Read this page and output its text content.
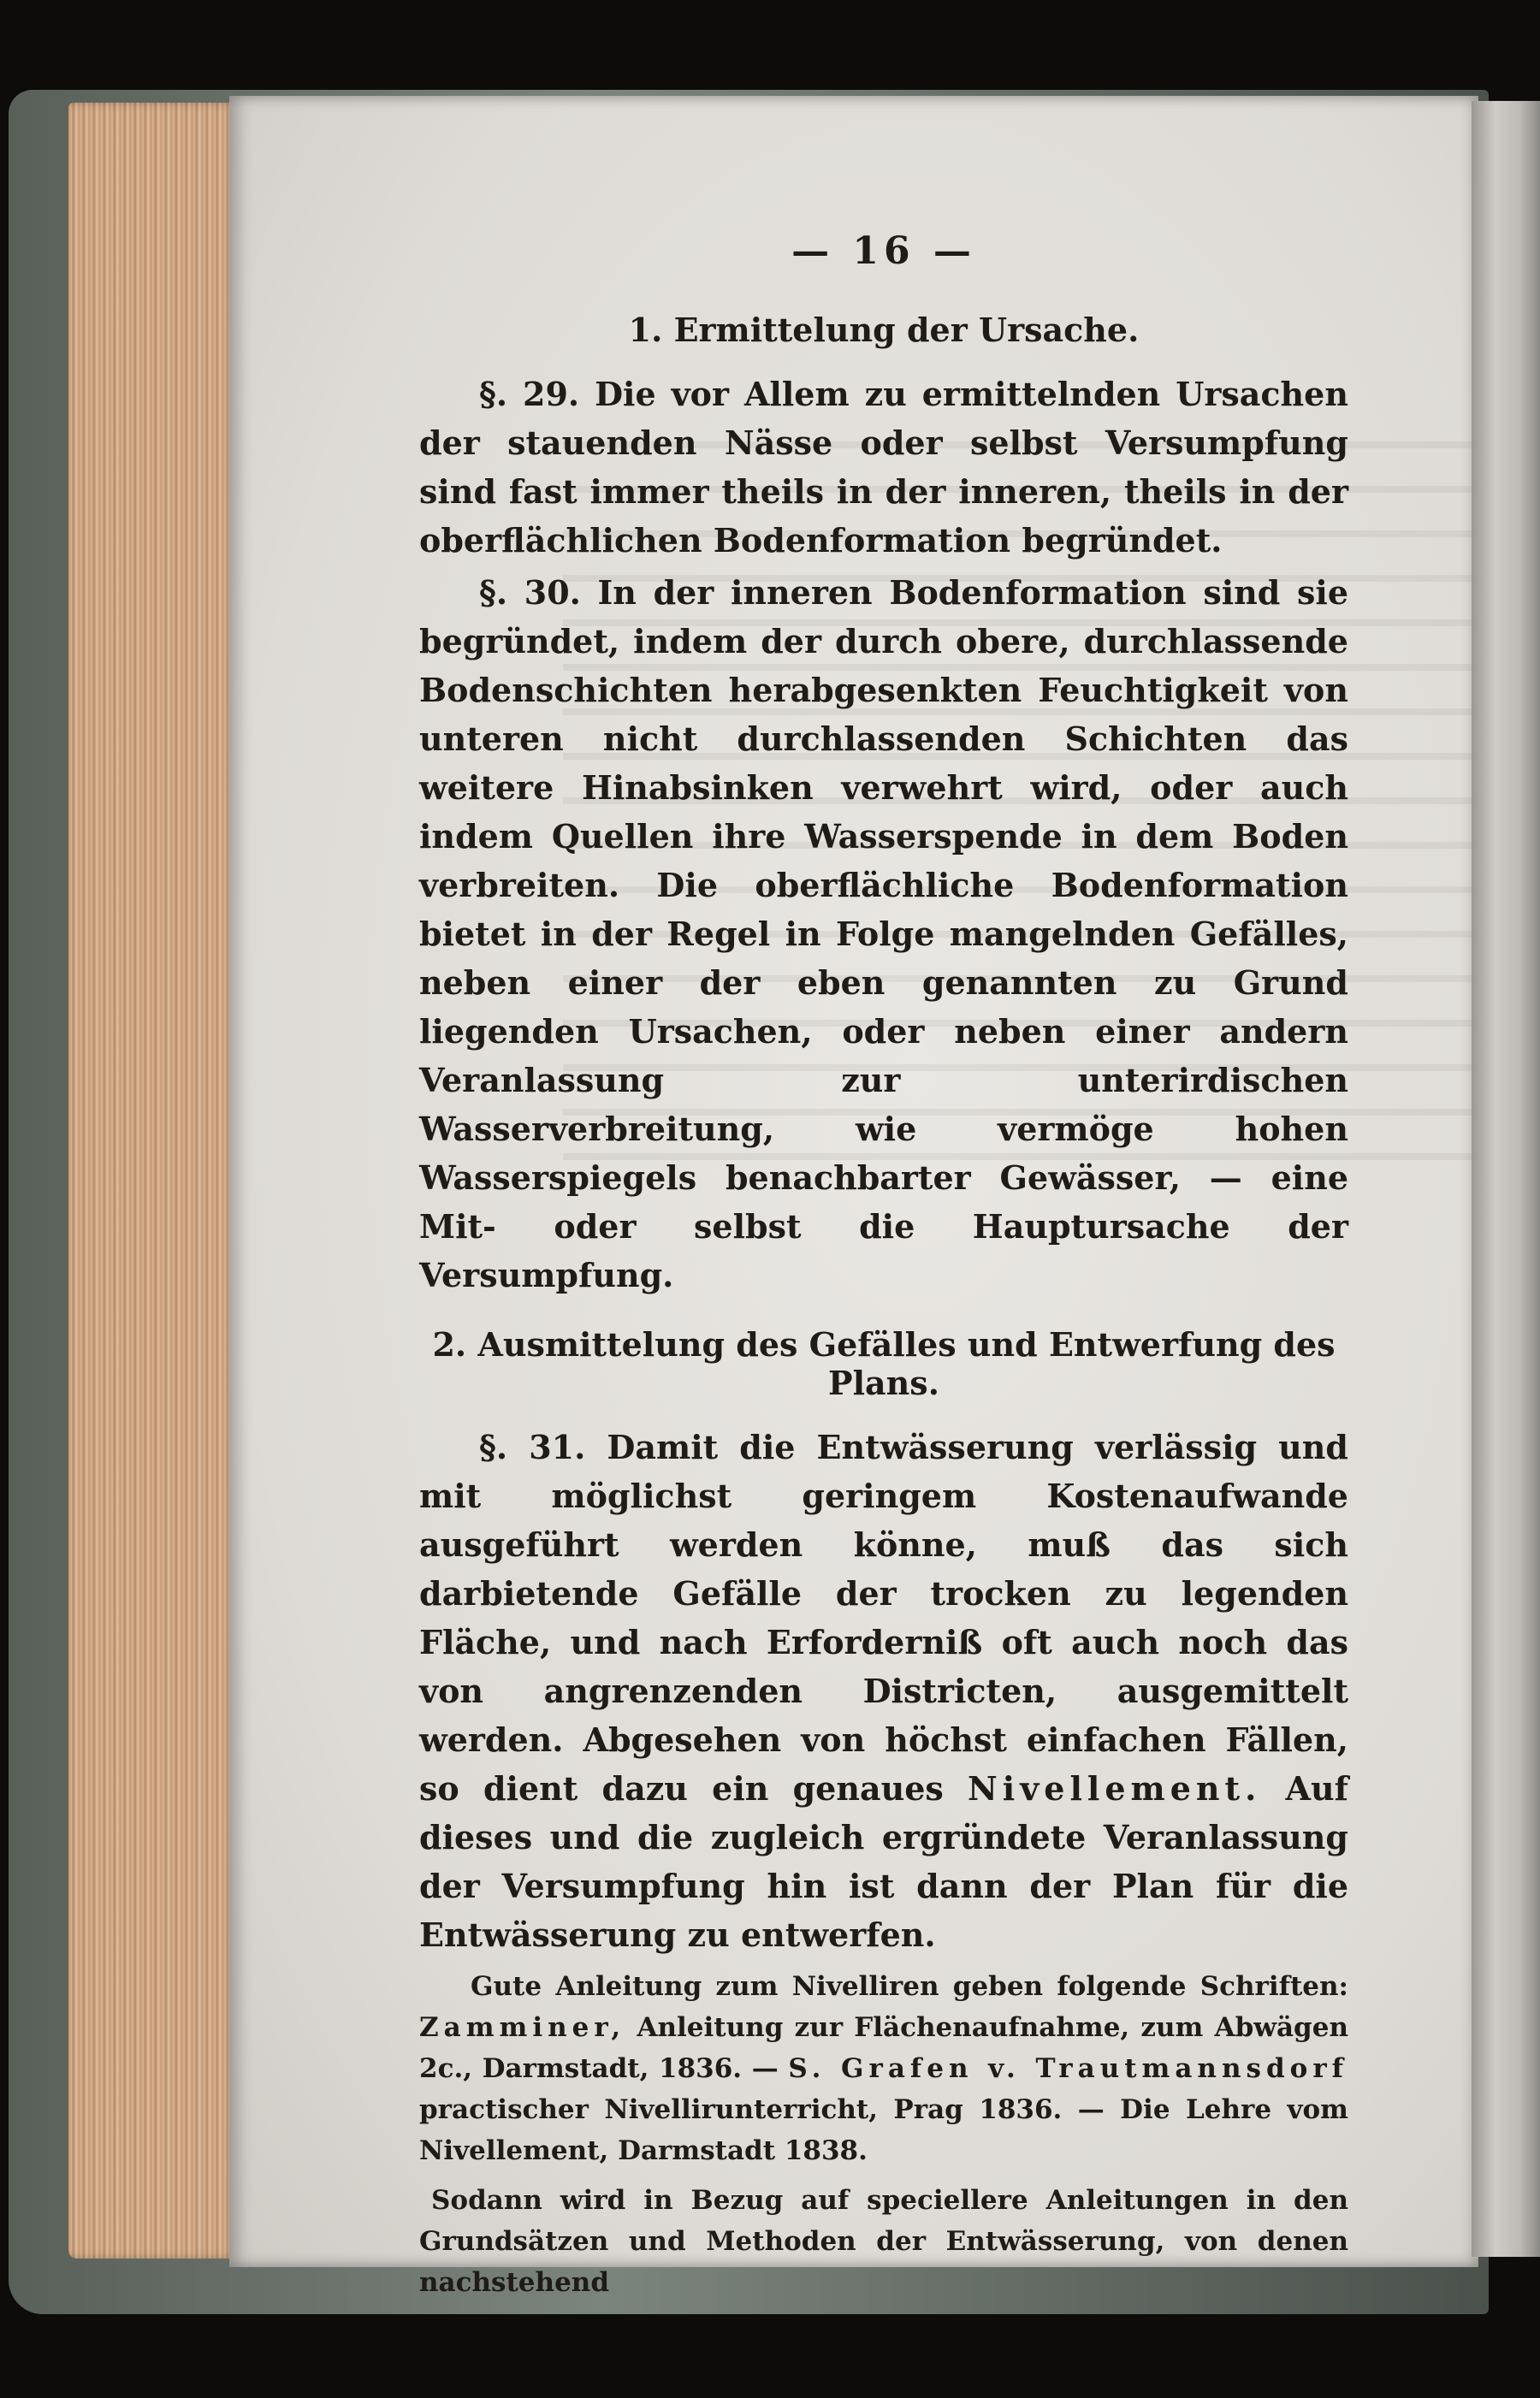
— 16 —
1. Ermittelung der Ursache.

§. 29. Die vor Allem zu ermittelnden Ursachen der stauenden Nässe oder selbst Versumpfung sind fast immer theils in der inneren, theils in der oberflächlichen Bodenformation begründet.

§. 30. In der inneren Bodenformation sind sie begründet, indem der durch obere, durchlassende Bodenschichten herabgesenkten Feuchtigkeit von unteren nicht durchlassenden Schichten das weitere Hinabsinken verwehrt wird, oder auch indem Quellen ihre Wasserspende in dem Boden verbreiten. Die oberflächliche Bodenformation bietet in der Regel in Folge mangelnden Gefälles, neben einer der eben genannten zu Grund liegenden Ursachen, oder neben einer andern Veranlassung zur unterirdischen Wasserverbreitung, wie vermöge hohen Wasserspiegels benachbarter Gewässer, — eine Mit- oder selbst die Hauptursache der Versumpfung.

2. Ausmittelung des Gefälles und Entwerfung des Plans.

§. 31. Damit die Entwässerung verlässig und mit möglichst geringem Kostenaufwande ausgeführt werden könne, muß das sich darbietende Gefälle der trocken zu legenden Fläche, und nach Erforderniß oft auch noch das von angrenzenden Districten, ausgemittelt werden. Abgesehen von höchst einfachen Fällen, so dient dazu ein genaues Nivellement. Auf dieses und die zugleich ergründete Veranlassung der Versumpfung hin ist dann der Plan für die Entwässerung zu entwerfen.

Gute Anleitung zum Nivelliren geben folgende Schriften: Zamminer, Anleitung zur Flächenaufnahme, zum Abwägen 2c., Darmstadt, 1836. — S. Grafen v. Trautmannsdorf practischer Nivellirunterricht, Prag 1836. — Die Lehre vom Nivellement, Darmstadt 1838.

Sodann wird in Bezug auf speciellere Anleitungen in den Grundsätzen und Methoden der Entwässerung, von denen nachstehend
